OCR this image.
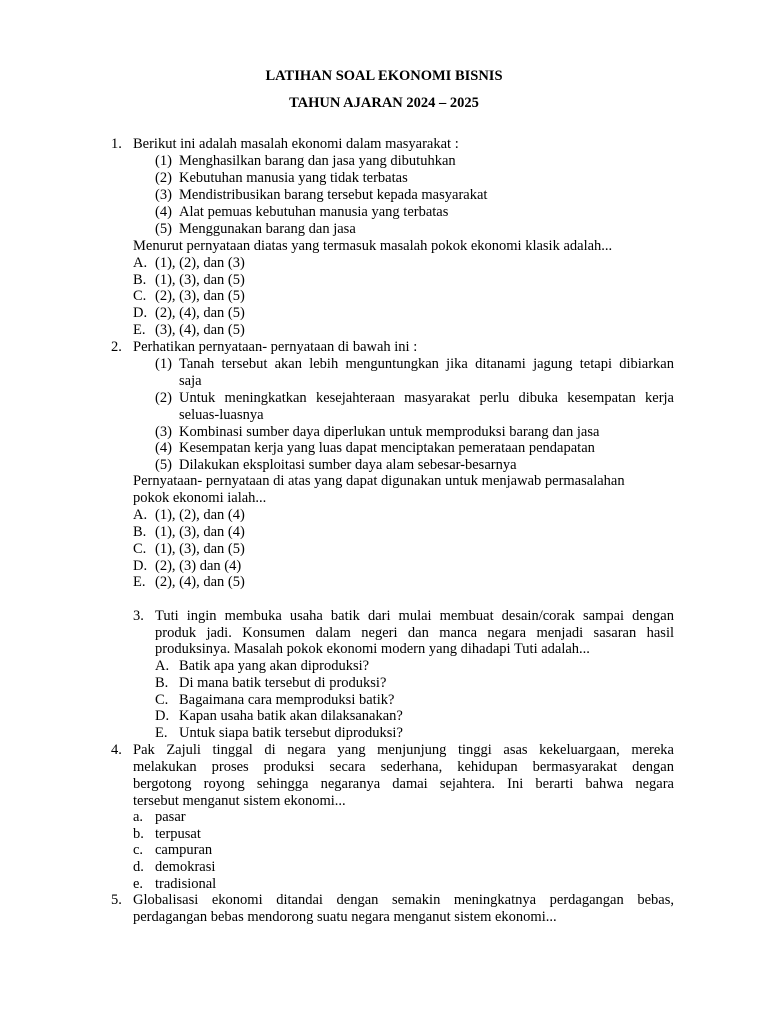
LATIHAN SOAL EKONOMI BISNIS
TAHUN AJARAN 2024 – 2025
1. Berikut ini adalah masalah ekonomi dalam masyarakat :
(1) Menghasilkan barang dan jasa yang dibutuhkan
(2) Kebutuhan manusia yang tidak terbatas
(3) Mendistribusikan barang tersebut kepada masyarakat
(4) Alat pemuas kebutuhan manusia yang terbatas
(5) Menggunakan barang dan jasa
Menurut pernyataan diatas yang termasuk masalah pokok ekonomi klasik adalah...
A. (1), (2), dan (3)
B. (1), (3), dan (5)
C. (2), (3), dan (5)
D. (2), (4), dan (5)
E. (3), (4), dan (5)
2. Perhatikan pernyataan- pernyataan di bawah ini :
(1) Tanah tersebut akan lebih menguntungkan jika ditanami jagung tetapi dibiarkan
saja
(2) Untuk meningkatkan kesejahteraan masyarakat perlu dibuka kesempatan kerja
seluas-luasnya
(3) Kombinasi sumber daya diperlukan untuk memproduksi barang dan jasa
(4) Kesempatan kerja yang luas dapat menciptakan pemerataan pendapatan
(5) Dilakukan eksploitasi sumber daya alam sebesar-besarnya
Pernyataan- pernyataan di atas yang dapat digunakan untuk menjawab permasalahan
pokok ekonomi ialah...
A. (1), (2), dan (4)
B. (1), (3), dan (4)
C. (1), (3), dan (5)
D. (2), (3) dan (4)
E. (2), (4), dan (5)
3. Tuti ingin membuka usaha batik dari mulai membuat desain/corak sampai dengan
produk jadi. Konsumen dalam negeri dan manca negara menjadi sasaran hasil
produksinya. Masalah pokok ekonomi modern yang dihadapi Tuti adalah...
A. Batik apa yang akan diproduksi?
B. Di mana batik tersebut di produksi?
C. Bagaimana cara memproduksi batik?
D. Kapan usaha batik akan dilaksanakan?
E. Untuk siapa batik tersebut diproduksi?
4. Pak Zajuli tinggal di negara yang menjunjung tinggi asas kekeluargaan, mereka
melakukan proses produksi secara sederhana, kehidupan bermasyarakat dengan
bergotong royong sehingga negaranya damai sejahtera. Ini berarti bahwa negara
tersebut menganut sistem ekonomi...
a. pasar
b. terpusat
c. campuran
d. demokrasi
e. tradisional
5. Globalisasi ekonomi ditandai dengan semakin meningkatnya perdagangan bebas,
perdagangan bebas mendorong suatu negara menganut sistem ekonomi...
